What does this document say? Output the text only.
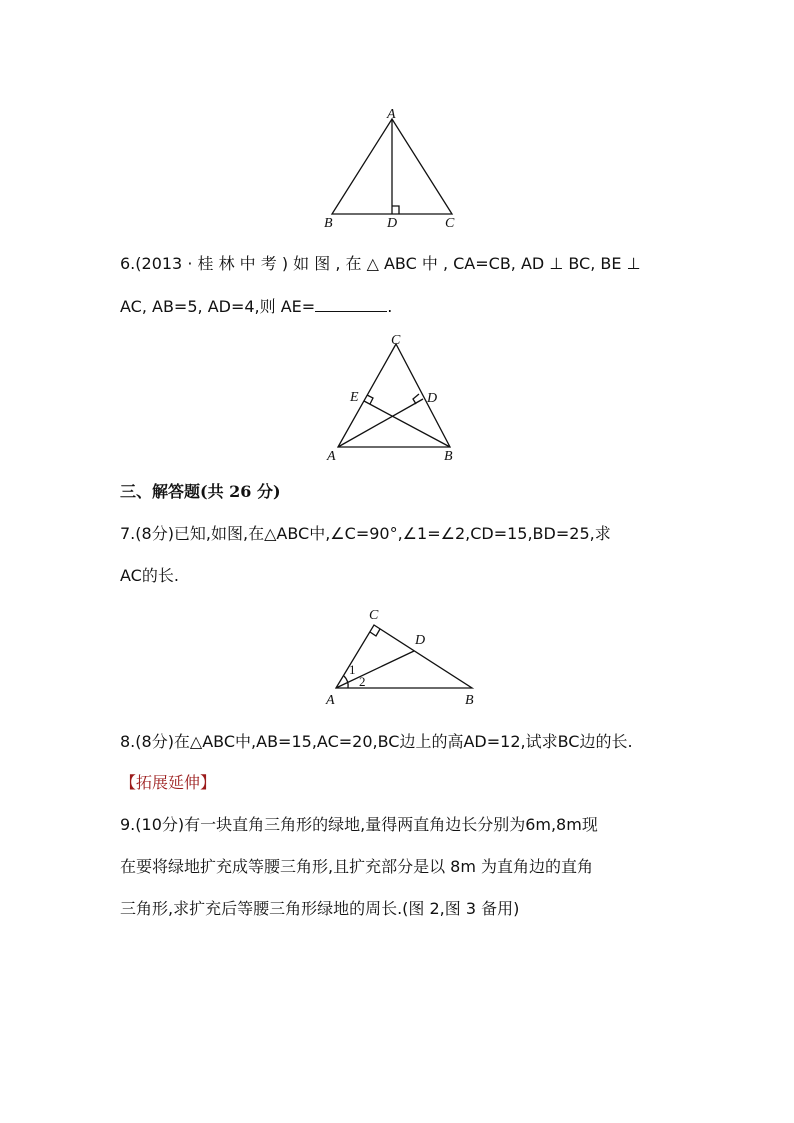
A
B	D	C
6.(2013 · 桂 林 中 考 ) 如 图 , 在 △ ABC 中 , CA=CB, AD ⊥ BC, BE ⊥
AC, AB=5, AD=4,则 AE=	.
C
E	D
A	B
三、解答题(共 26 分)
7.(8分)已知,如图,在△ABC中,∠C=90°,∠1=∠2,CD=15,BD=25,求
AC的长.
C
D
1
2
A	B
8.(8分)在△ABC中,AB=15,AC=20,BC边上的高AD=12,试求BC边的长.
【拓展延伸】
9.(10分)有一块直角三角形的绿地,量得两直角边长分别为6m,8m现
在要将绿地扩充成等腰三角形,且扩充部分是以 8m 为直角边的直角
三角形,求扩充后等腰三角形绿地的周长.(图 2,图 3 备用)
